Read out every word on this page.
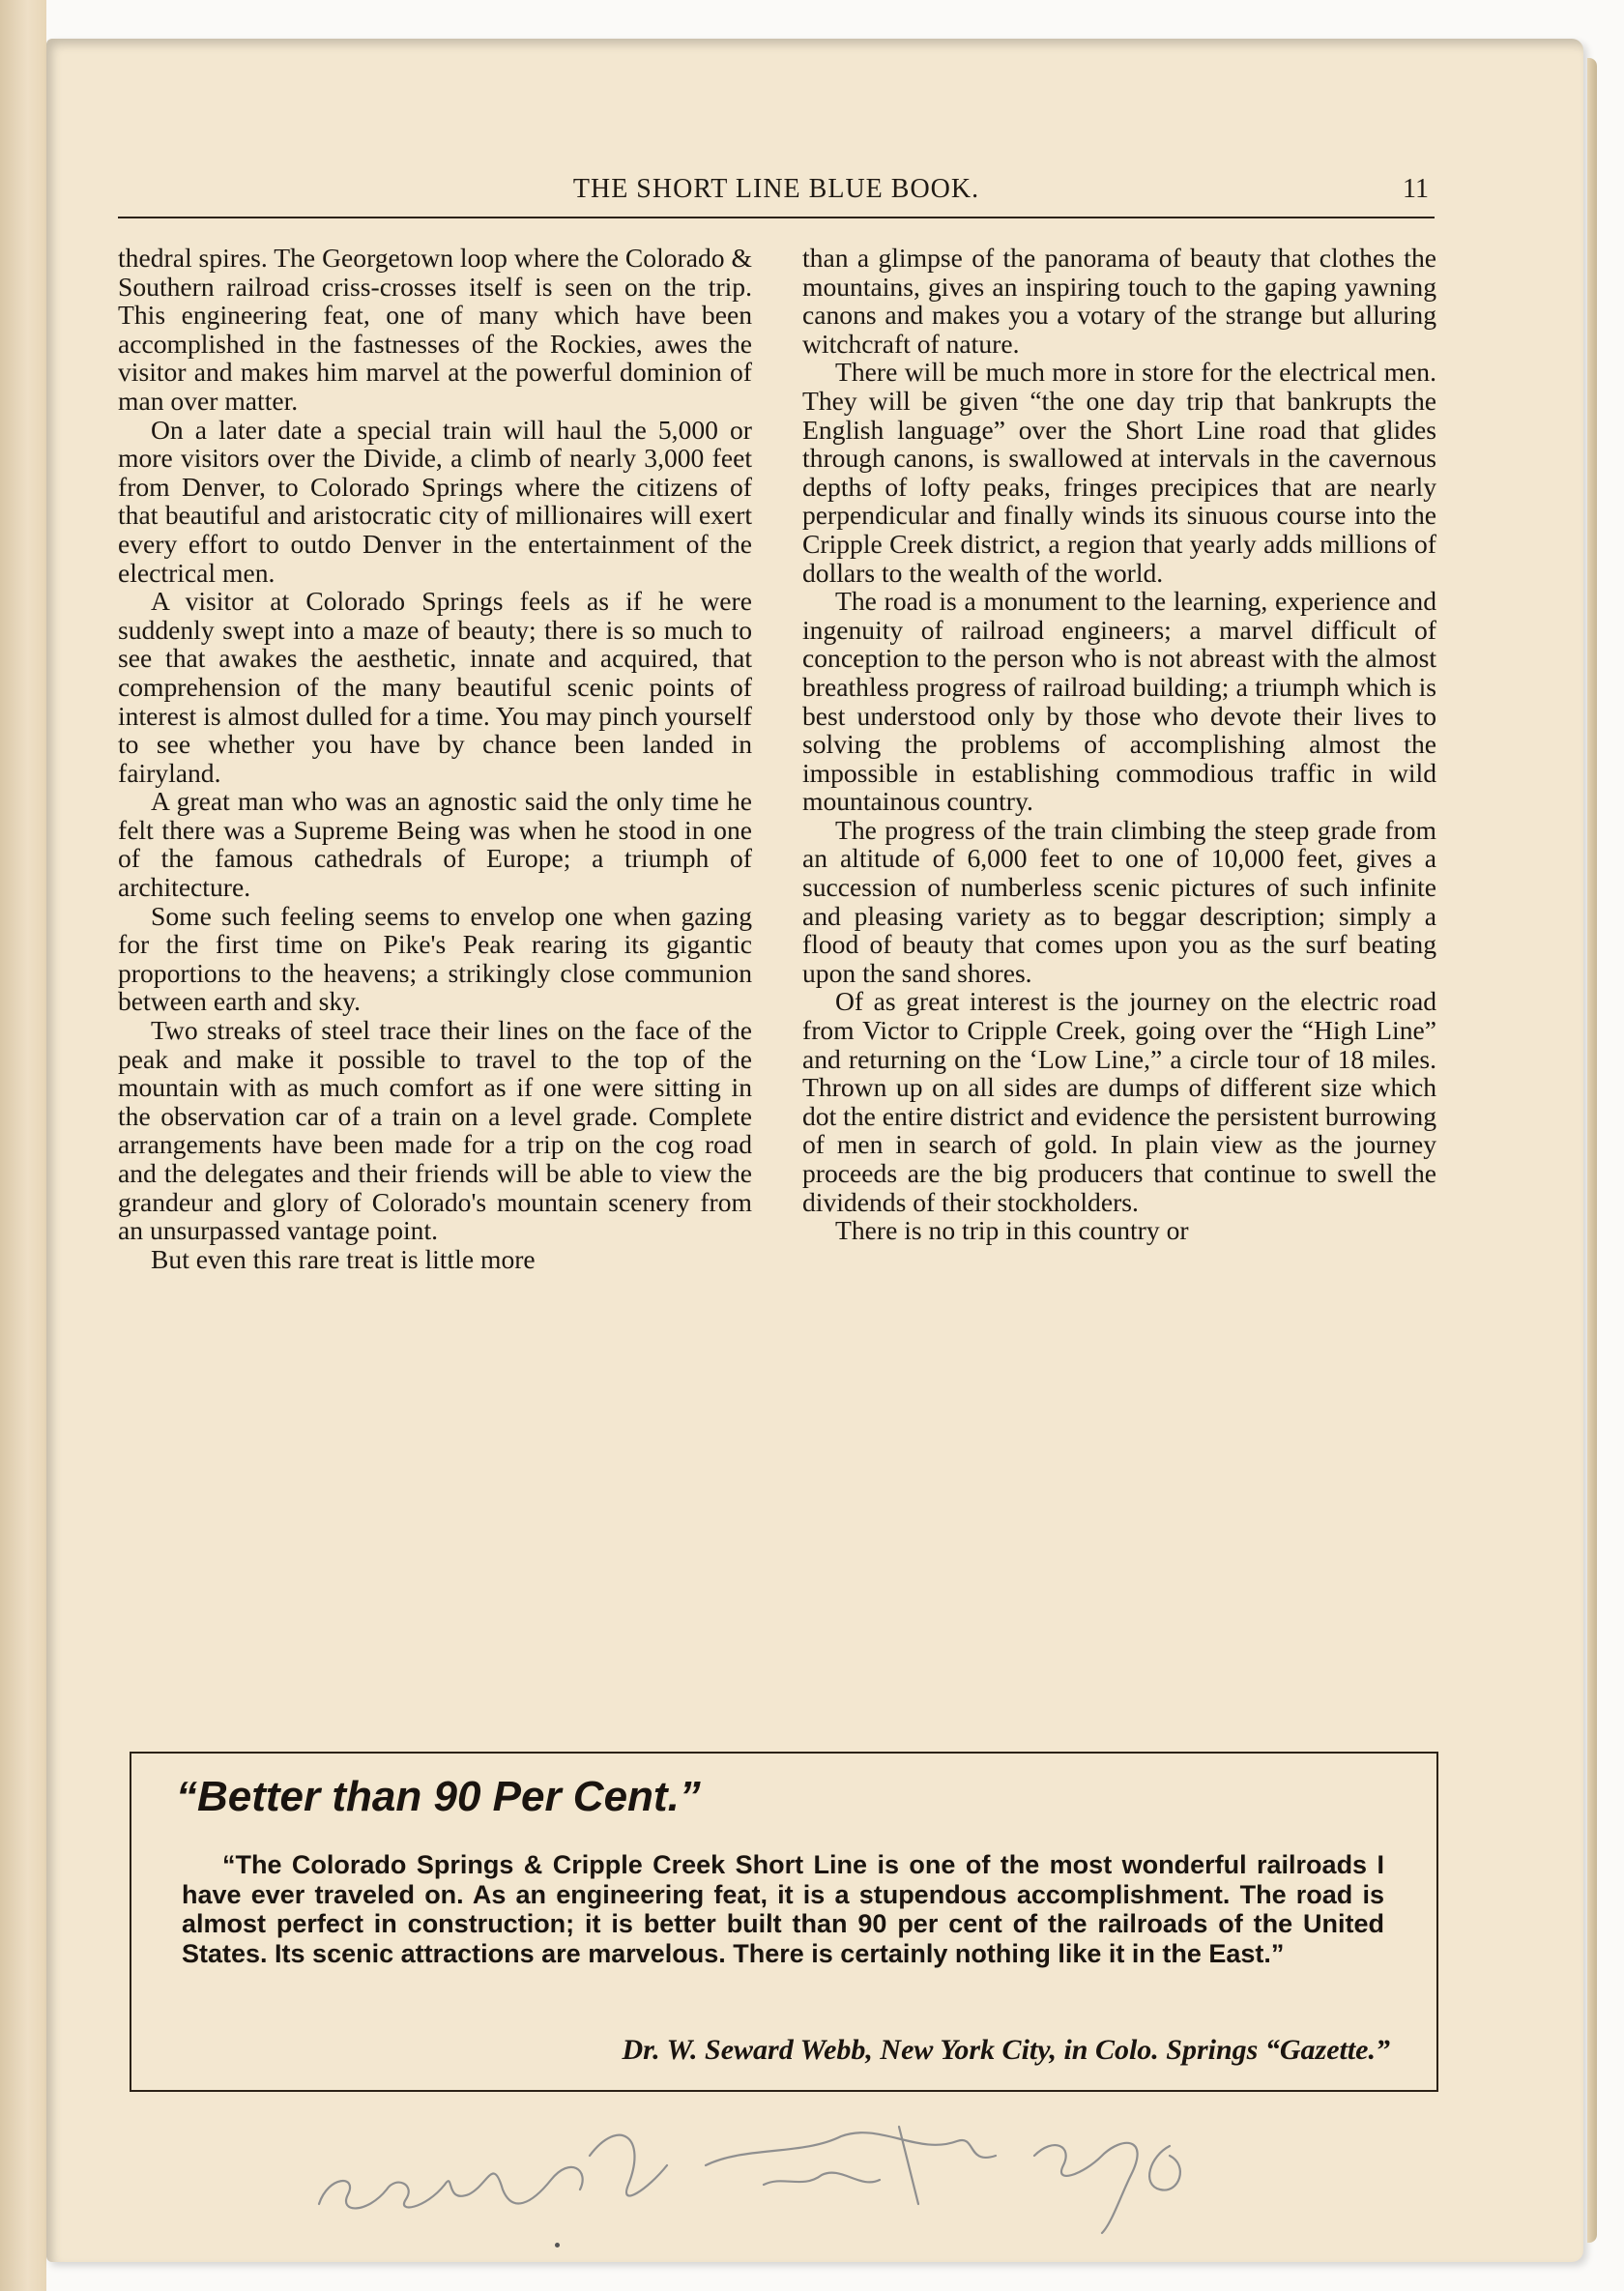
THE SHORT LINE BLUE BOOK.	11

thedral spires. The Georgetown loop where the Colorado & Southern railroad criss-crosses itself is seen on the trip. This engineering feat, one of many which have been accomplished in the fastnesses of the Rockies, awes the visitor and makes him marvel at the powerful dominion of man over matter.

On a later date a special train will haul the 5,000 or more visitors over the Divide, a climb of nearly 3,000 feet from Denver, to Colorado Springs where the citizens of that beautiful and aristocratic city of millionaires will exert every effort to outdo Denver in the entertainment of the electrical men.

A visitor at Colorado Springs feels as if he were suddenly swept into a maze of beauty; there is so much to see that awakes the aesthetic, innate and acquired, that comprehension of the many beautiful scenic points of interest is almost dulled for a time. You may pinch yourself to see whether you have by chance been landed in fairyland.

A great man who was an agnostic said the only time he felt there was a Supreme Being was when he stood in one of the famous cathedrals of Europe; a triumph of architecture.

Some such feeling seems to envelop one when gazing for the first time on Pike's Peak rearing its gigantic proportions to the heavens; a strikingly close communion between earth and sky.

Two streaks of steel trace their lines on the face of the peak and make it possible to travel to the top of the mountain with as much comfort as if one were sitting in the observation car of a train on a level grade. Complete arrangements have been made for a trip on the cog road and the delegates and their friends will be able to view the grandeur and glory of Colorado's mountain scenery from an unsurpassed vantage point.

But even this rare treat is little more

than a glimpse of the panorama of beauty that clothes the mountains, gives an inspiring touch to the gaping yawning canons and makes you a votary of the strange but alluring witchcraft of nature.

There will be much more in store for the electrical men. They will be given “the one day trip that bankrupts the English language” over the Short Line road that glides through canons, is swallowed at intervals in the cavernous depths of lofty peaks, fringes precipices that are nearly perpendicular and finally winds its sinuous course into the Cripple Creek district, a region that yearly adds millions of dollars to the wealth of the world.

The road is a monument to the learning, experience and ingenuity of railroad engineers; a marvel difficult of conception to the person who is not abreast with the almost breathless progress of railroad building; a triumph which is best understood only by those who devote their lives to solving the problems of accomplishing almost the impossible in establishing commodious traffic in wild mountainous country.

The progress of the train climbing the steep grade from an altitude of 6,000 feet to one of 10,000 feet, gives a succession of numberless scenic pictures of such infinite and pleasing variety as to beggar description; simply a flood of beauty that comes upon you as the surf beating upon the sand shores.

Of as great interest is the journey on the electric road from Victor to Cripple Creek, going over the “High Line” and returning on the ‘Low Line,” a circle tour of 18 miles. Thrown up on all sides are dumps of different size which dot the entire district and evidence the persistent burrowing of men in search of gold. In plain view as the journey proceeds are the big producers that continue to swell the dividends of their stockholders.

There is no trip in this country or

“Better than 90 Per Cent.”

“The Colorado Springs & Cripple Creek Short Line is one of the most wonderful railroads I have ever traveled on. As an engineering feat, it is a stupendous accomplishment. The road is almost perfect in construction; it is better built than 90 per cent of the railroads of the United States. Its scenic attractions are marvelous. There is certainly nothing like it in the East.”

Dr. W. Seward Webb, New York City, in Colo. Springs “Gazette.”
